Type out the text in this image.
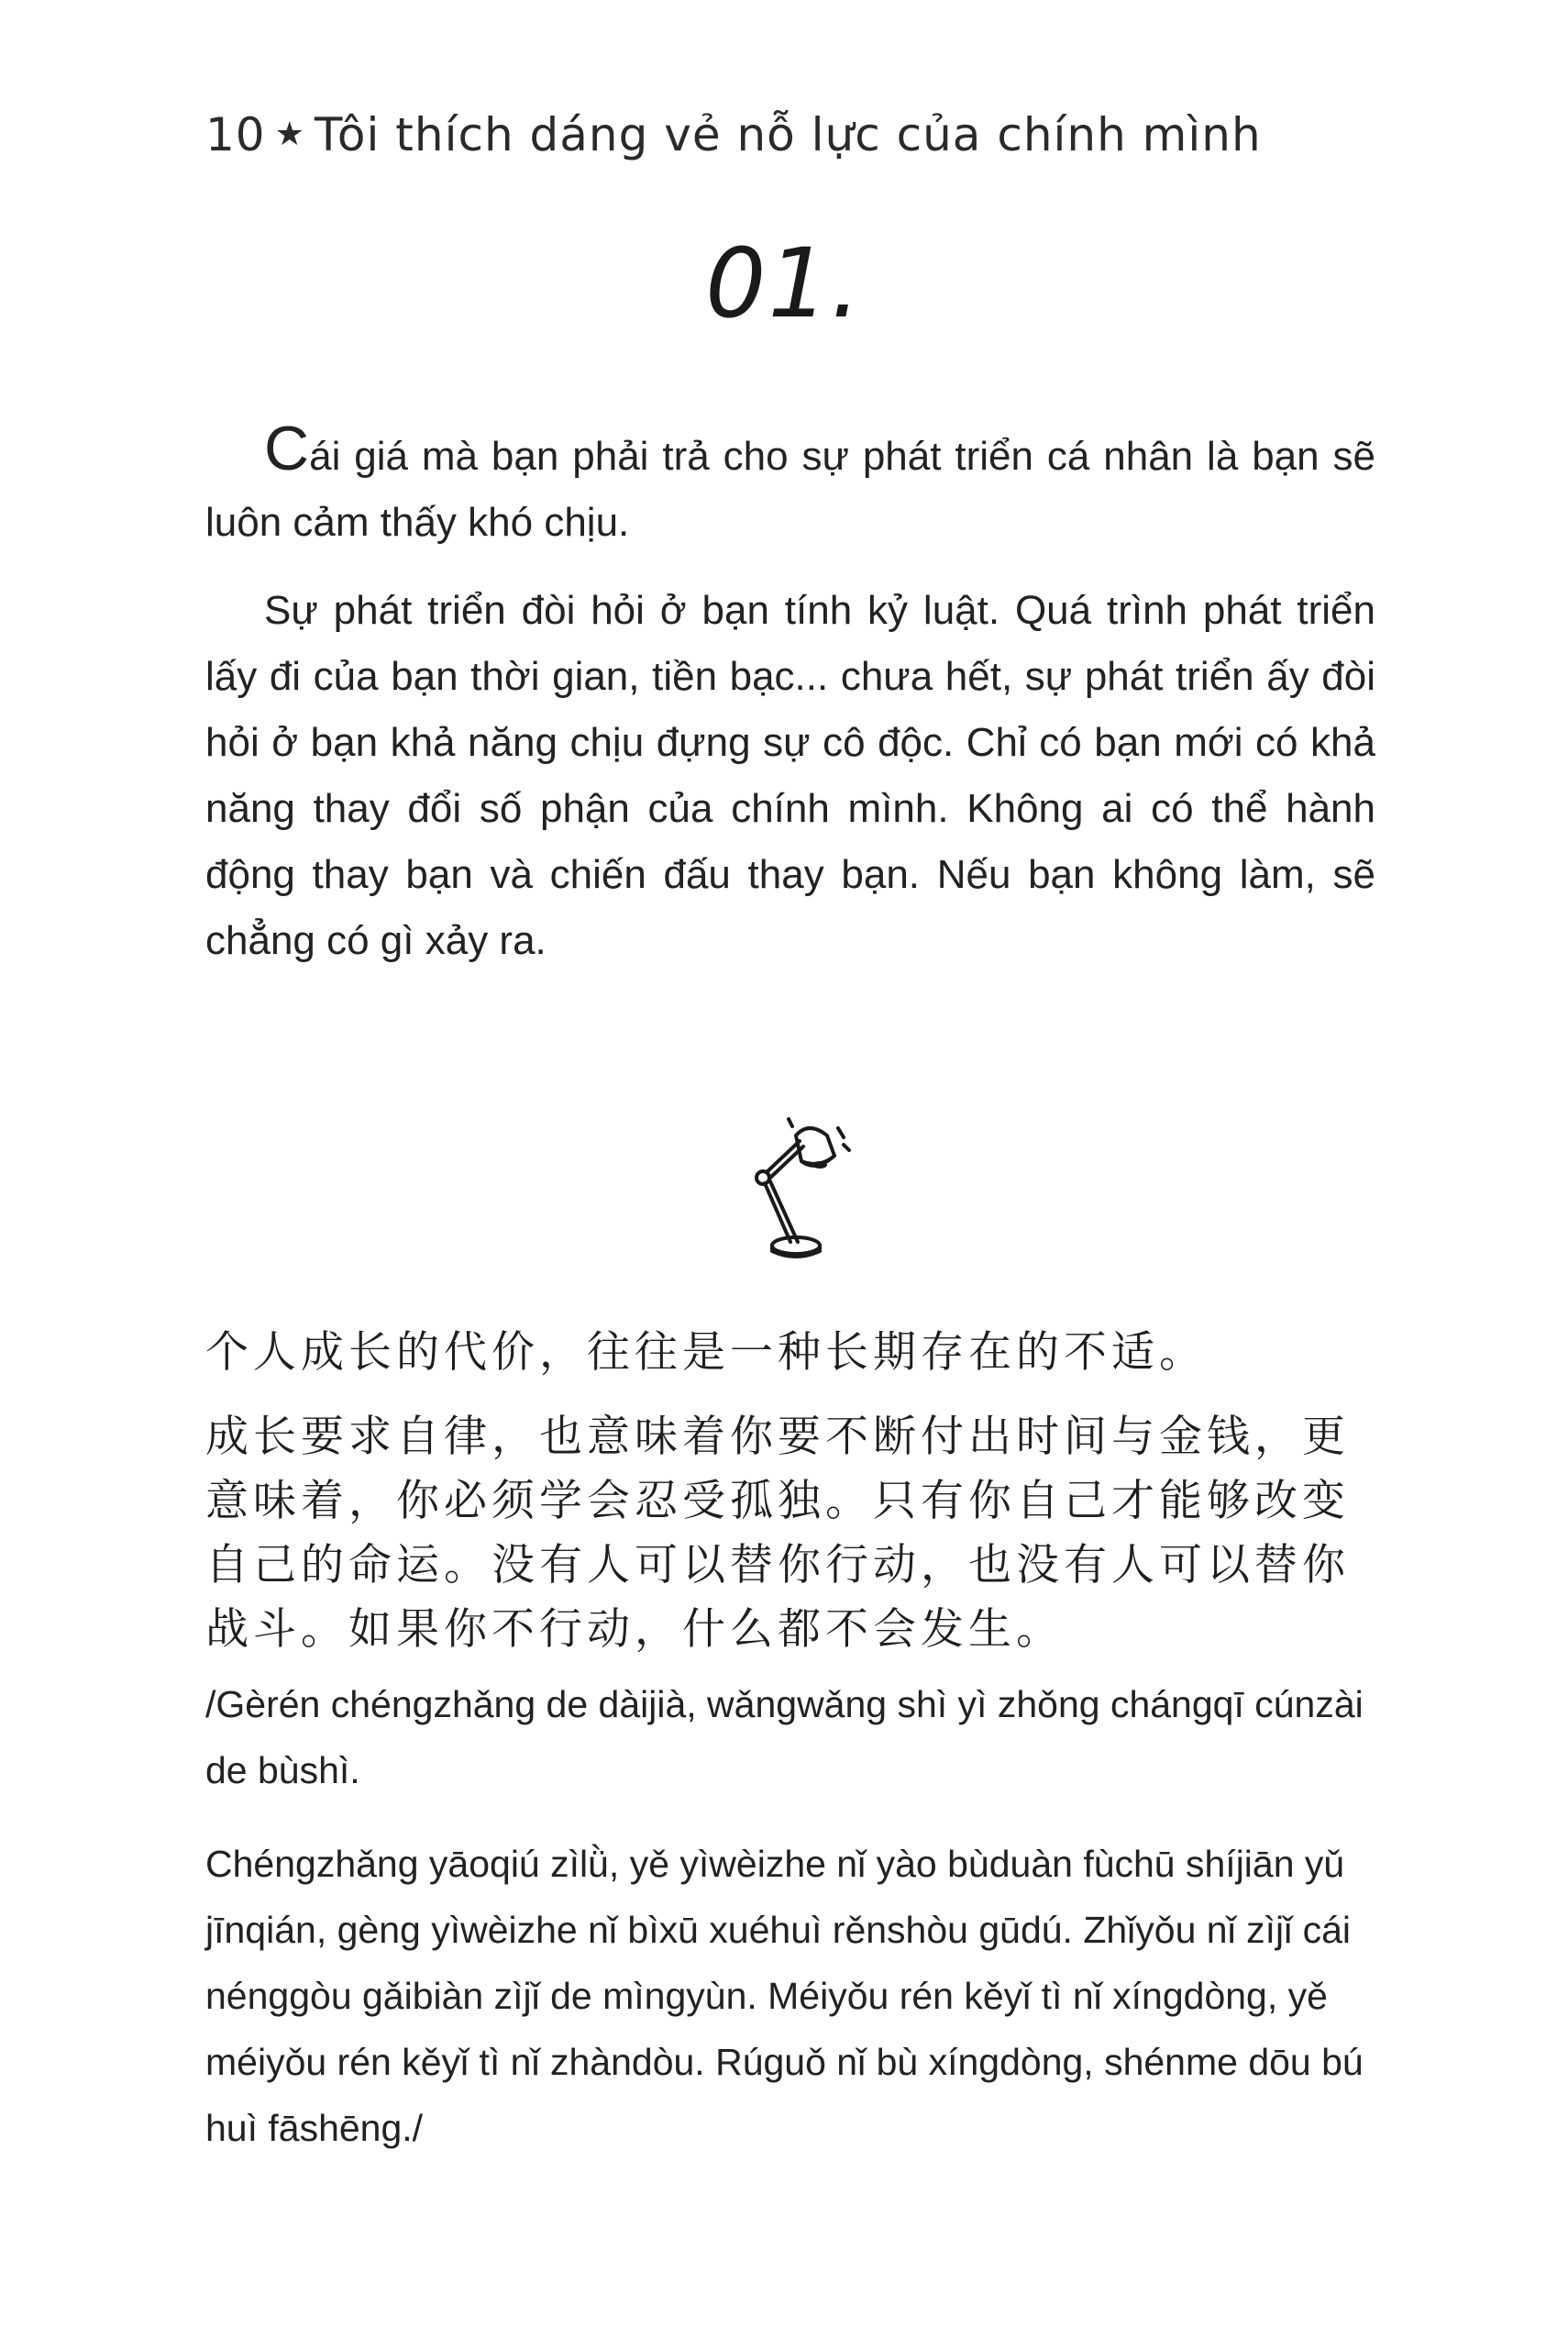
10 ★ Tôi thích dáng vẻ nỗ lực của chính mình
01.

Cái giá mà bạn phải trả cho sự phát triển cá nhân là bạn sẽ luôn cảm thấy khó chịu.

Sự phát triển đòi hỏi ở bạn tính kỷ luật. Quá trình phát triển lấy đi của bạn thời gian, tiền bạc... chưa hết, sự phát triển ấy đòi hỏi ở bạn khả năng chịu đựng sự cô độc. Chỉ có bạn mới có khả năng thay đổi số phận của chính mình. Không ai có thể hành động thay bạn và chiến đấu thay bạn. Nếu bạn không làm, sẽ chẳng có gì xảy ra.

个人成长的代价，往往是一种长期存在的不适。

成长要求自律，也意味着你要不断付出时间与金钱，更意味着，你必须学会忍受孤独。只有你自己才能够改变自己的命运。没有人可以替你行动，也没有人可以替你战斗。如果你不行动，什么都不会发生。

/Gèrén chéngzhǎng de dàijià, wǎngwǎng shì yì zhǒng chángqī cúnzài de bùshì.

Chéngzhǎng yāoqiú zìlǜ, yě yìwèizhe nǐ yào bùduàn fùchū shíjiān yǔ jīnqián, gèng yìwèizhe nǐ bìxū xuéhuì rěnshòu gūdú. Zhǐyǒu nǐ zìjǐ cái nénggòu gǎibiàn zìjǐ de mìngyùn. Méiyǒu rén kěyǐ tì nǐ xíngdòng, yě méiyǒu rén kěyǐ tì nǐ zhàndòu. Rúguǒ nǐ bù xíngdòng, shénme dōu bú huì fāshēng./
